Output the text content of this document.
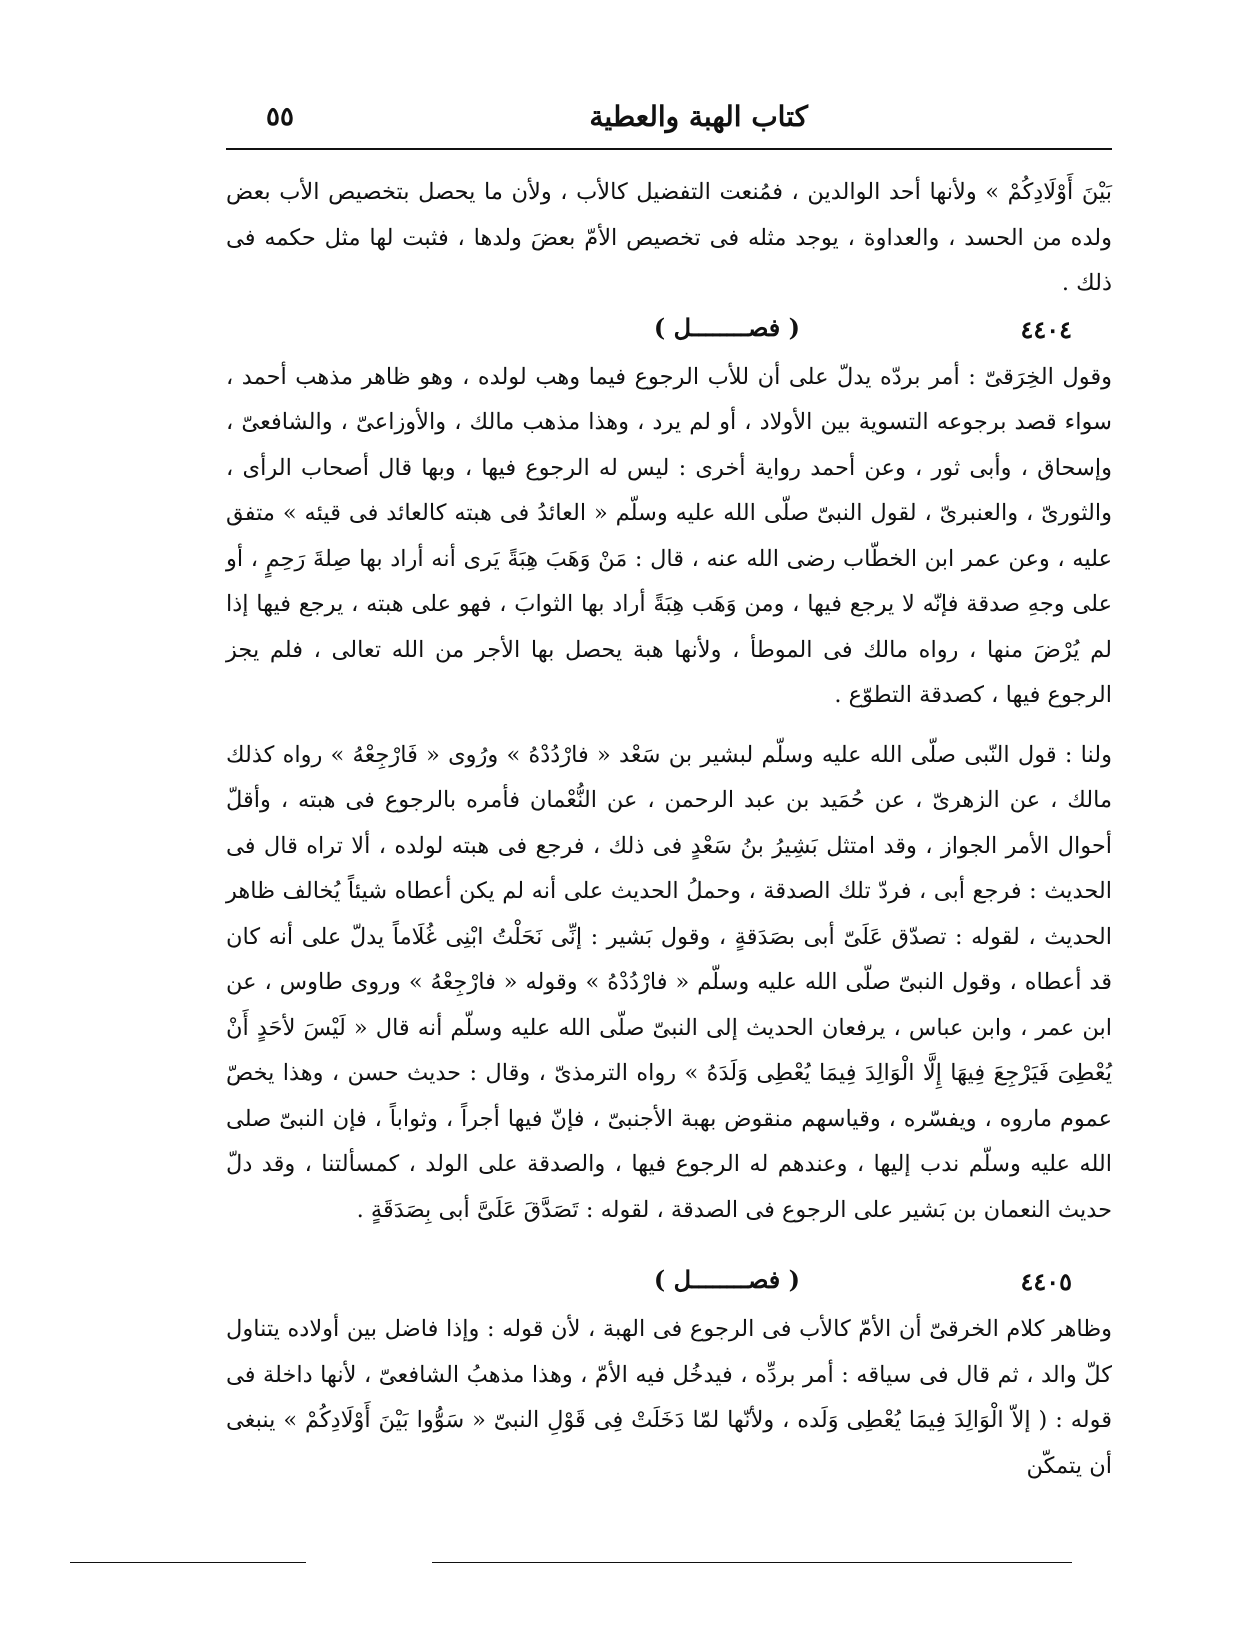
كتاب الهبة والعطية
٥٥

بَيْنَ أَوْلَادِكُمْ » ولأنها أحد الوالدين ، فمُنعت التفضيل كالأب ، ولأن ما يحصل بتخصيص الأب بعض ولده من الحسد ، والعداوة ، يوجد مثله فى تخصيص الأمّ بعضَ ولدها ، فثبت لها مثل حكمه فى ذلك .

٤٤٠٤
( فصــــــــل )

وقول الخِرَقىّ : أمر بردّه يدلّ على أن للأب الرجوع فيما وهب لولده ، وهو ظاهر مذهب أحمد ، سواء قصد برجوعه التسوية بين الأولاد ، أو لم يرد ، وهذا مذهب مالك ، والأوزاعىّ ، والشافعىّ ، وإسحاق ، وأبى ثور ، وعن أحمد رواية أخرى : ليس له الرجوع فيها ، وبها قال أصحاب الرأى ، والثورىّ ، والعنبرىّ ، لقول النبىّ صلّى الله عليه وسلّم « العائدُ فى هبته كالعائد فى قيئه » متفق عليه ، وعن عمر ابن الخطّاب رضى الله عنه ، قال : مَنْ وَهَبَ هِبَةً يَرى أنه أراد بها صِلةَ رَحِمٍ ، أو على وجهِ صدقة فإنّه لا يرجع فيها ، ومن وَهَب هِبَةً أراد بها الثوابَ ، فهو على هبته ، يرجع فيها إذا لم يُرْضَ منها ، رواه مالك فى الموطأ ، ولأنها هبة يحصل بها الأجر من الله تعالى ، فلم يجز الرجوع فيها ، كصدقة التطوّع .

ولنا : قول النّبى صلّى الله عليه وسلّم لبشير بن سَعْد « فارْدُدْهُ » ورُوى « فَارْجِعْهُ » رواه كذلك مالك ، عن الزهرىّ ، عن حُمَيد بن عبد الرحمن ، عن النُّعْمان فأمره بالرجوع فى هبته ، وأقلّ أحوال الأمر الجواز ، وقد امتثل بَشِيرُ بنُ سَعْدٍ فى ذلك ، فرجع فى هبته لولده ، ألا تراه قال فى الحديث : فرجع أبى ، فردّ تلك الصدقة ، وحملُ الحديث على أنه لم يكن أعطاه شيئاً يُخالف ظاهر الحديث ، لقوله : تصدّق عَلَىّ أبى بصَدَقةٍ ، وقول بَشير : إنِّى نَحَلْتُ ابْنِى غُلَاماً يدلّ على أنه كان قد أعطاه ، وقول النبىّ صلّى الله عليه وسلّم « فارْدُدْهُ » وقوله « فارْجِعْهُ » وروى طاوس ، عن ابن عمر ، وابن عباس ، يرفعان الحديث إلى النبىّ صلّى الله عليه وسلّم أنه قال « لَيْسَ لأحَدٍ أَنْ يُعْطِىَ فَيَرْجِعَ فِيهَا إِلَّا الْوَالِدَ فِيمَا يُعْطِى وَلَدَهُ » رواه الترمذىّ ، وقال : حديث حسن ، وهذا يخصّ عموم ماروه ، ويفسّره ، وقياسهم منقوض بهبة الأجنبىّ ، فإنّ فيها أجراً ، وثواباً ، فإن النبىّ صلى الله عليه وسلّم ندب إليها ، وعندهم له الرجوع فيها ، والصدقة على الولد ، كمسألتنا ، وقد دلّ حديث النعمان بن بَشير على الرجوع فى الصدقة ، لقوله : تَصَدَّقَ عَلَىَّ أبى بِصَدَقَةٍ .

٤٤٠٥
( فصــــــــل )

وظاهر كلام الخرقىّ أن الأمّ كالأب فى الرجوع فى الهبة ، لأن قوله : وإذا فاضل بين أولاده يتناول كلّ والد ، ثم قال فى سياقه : أمر بردِّه ، فيدخُل فيه الأمّ ، وهذا مذهبُ الشافعىّ ، لأنها داخلة فى قوله : ( إلاّ الْوَالِدَ فِيمَا يُعْطِى وَلَده ، ولأنّها لمّا دَخَلَتْ فِى قَوْلِ النبىّ « سَوُّوا بَيْنَ أَوْلَادِكُمْ » ينبغى أن يتمكّن
